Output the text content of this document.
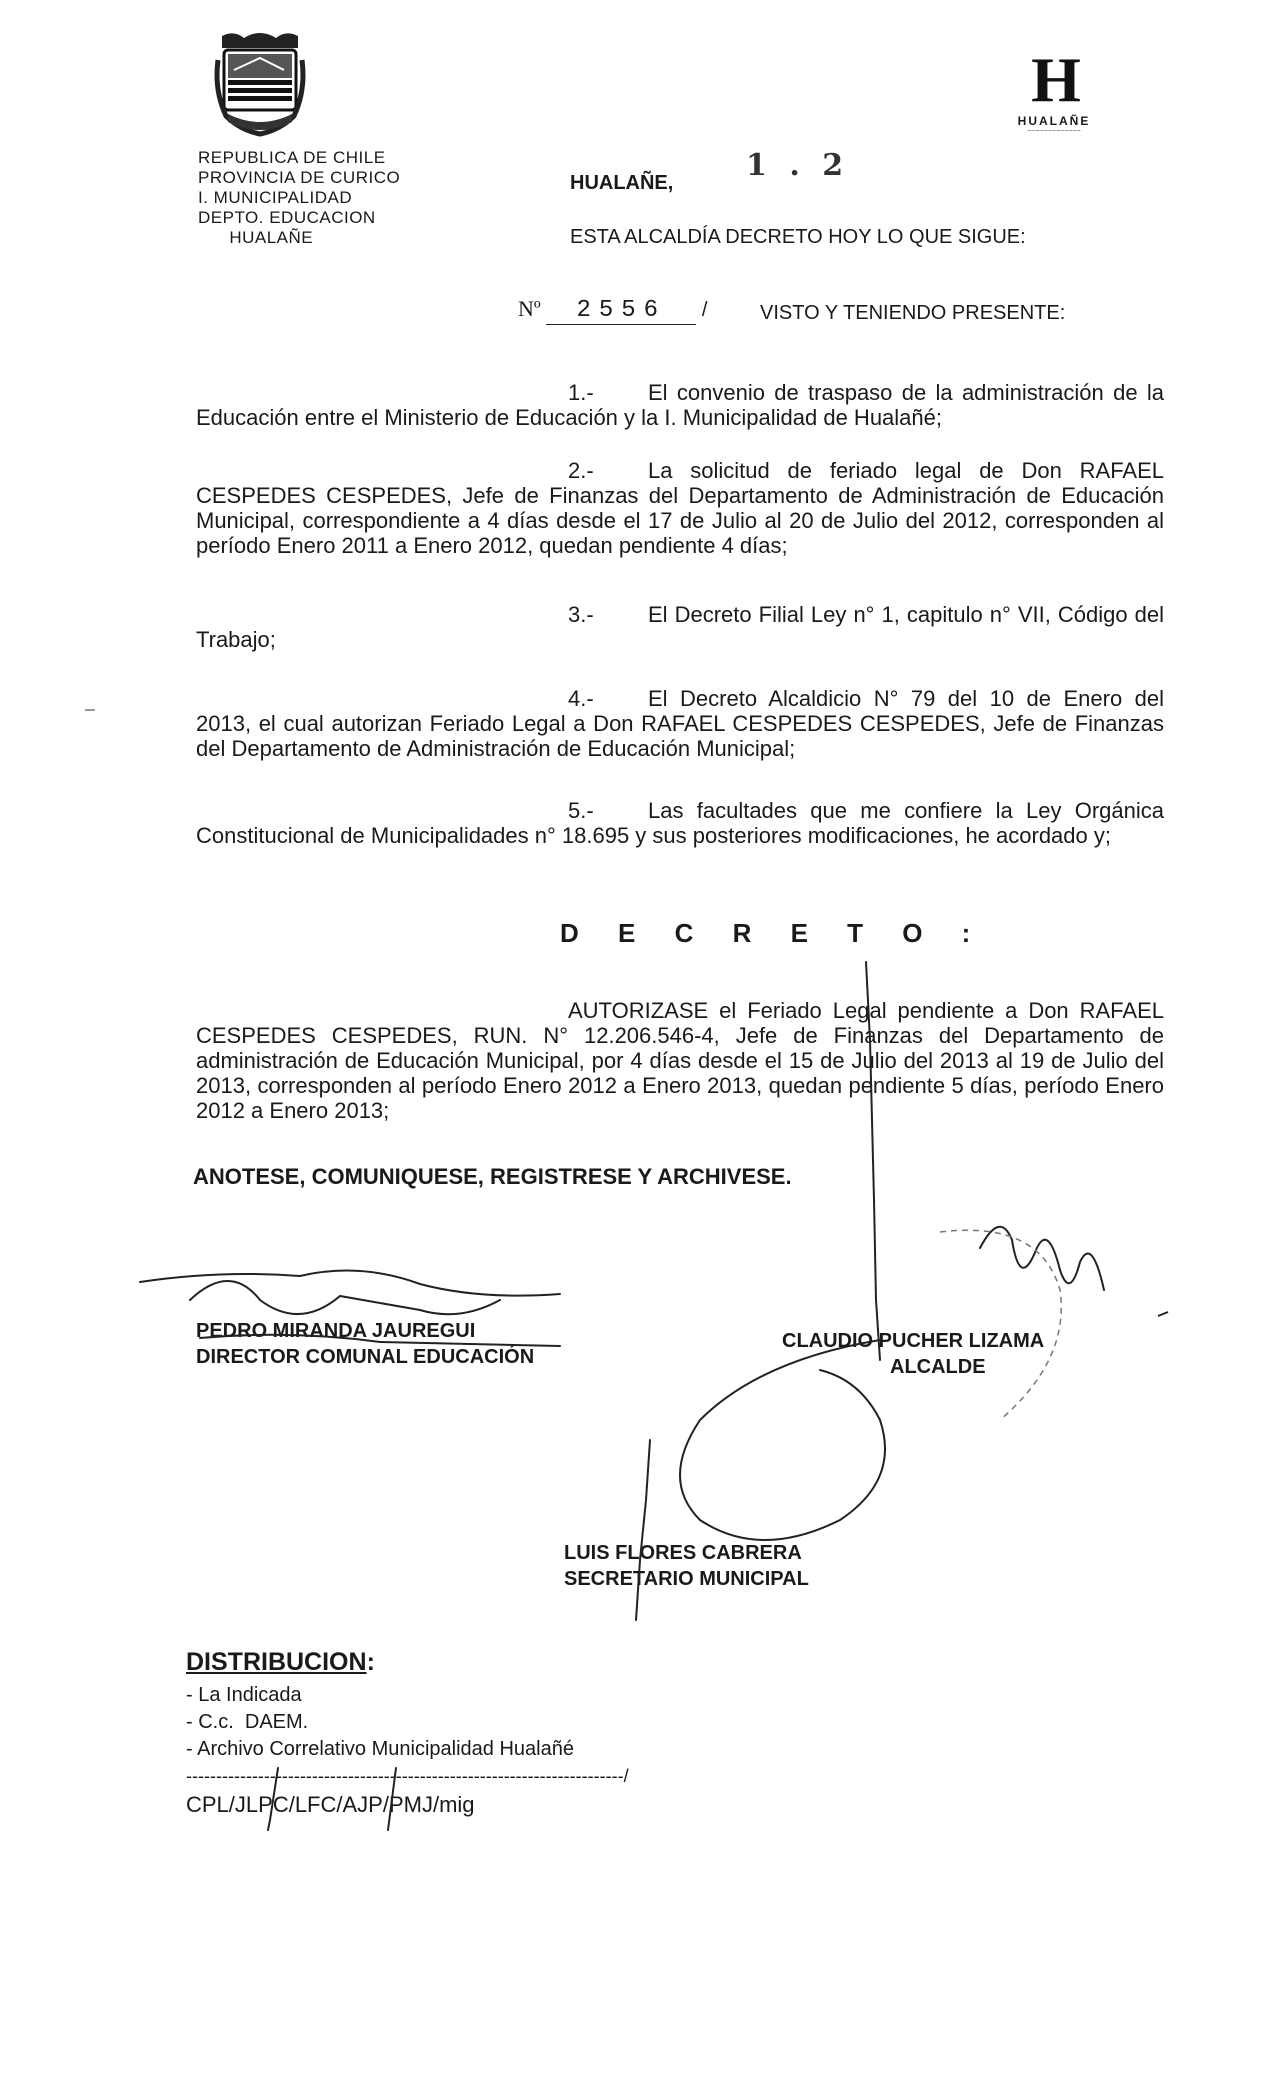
REPUBLICA DE CHILE
PROVINCIA DE CURICO
I. MUNICIPALIDAD
DEPTO. EDUCACION
HUALAÑE
H
HUALAÑE
~~~~~~~~~~~~~
HUALAÑE, 1 . 2
ESTA ALCALDÍA DECRETO HOY LO QUE SIGUE:
Nº 2556 /	VISTO Y TENIENDO PRESENTE:
1.- El convenio de traspaso de la administración de la Educación entre el Ministerio de Educación y la I. Municipalidad de Hualañé;
2.- La solicitud de feriado legal de Don RAFAEL CESPEDES CESPEDES, Jefe de Finanzas del Departamento de Administración de Educación Municipal, correspondiente a 4 días desde el 17 de Julio al 20 de Julio del 2012, corresponden al período Enero 2011 a Enero 2012, quedan pendiente 4 días;
3.- El Decreto Filial Ley n° 1, capitulo n° VII, Código del Trabajo;
4.- El Decreto Alcaldicio N° 79 del 10 de Enero del 2013, el cual autorizan Feriado Legal a Don RAFAEL CESPEDES CESPEDES, Jefe de Finanzas del Departamento de Administración de Educación Municipal;
5.- Las facultades que me confiere la Ley Orgánica Constitucional de Municipalidades n° 18.695 y sus posteriores modificaciones, he acordado y;
D E C R E T O :
AUTORIZASE el Feriado Legal pendiente a Don RAFAEL CESPEDES CESPEDES, RUN. N° 12.206.546-4, Jefe de Finanzas del Departamento de administración de Educación Municipal, por 4 días desde el 15 de Julio del 2013 al 19 de Julio del 2013, corresponden al período Enero 2012 a Enero 2013, quedan pendiente 5 días, período Enero 2012 a Enero 2013;
ANOTESE, COMUNIQUESE, REGISTRESE Y ARCHIVESE.
PEDRO MIRANDA JAUREGUI
DIRECTOR COMUNAL EDUCACIÓN
CLAUDIO PUCHER LIZAMA
ALCALDE
LUIS FLORES CABRERA
SECRETARIO MUNICIPAL
DISTRIBUCION:
- La Indicada
- C.c.  DAEM.
- Archivo Correlativo Municipalidad Hualañé
-------------------------------------------------------------------------/
CPL/JLPC/LFC/AJP/PMJ/mig
